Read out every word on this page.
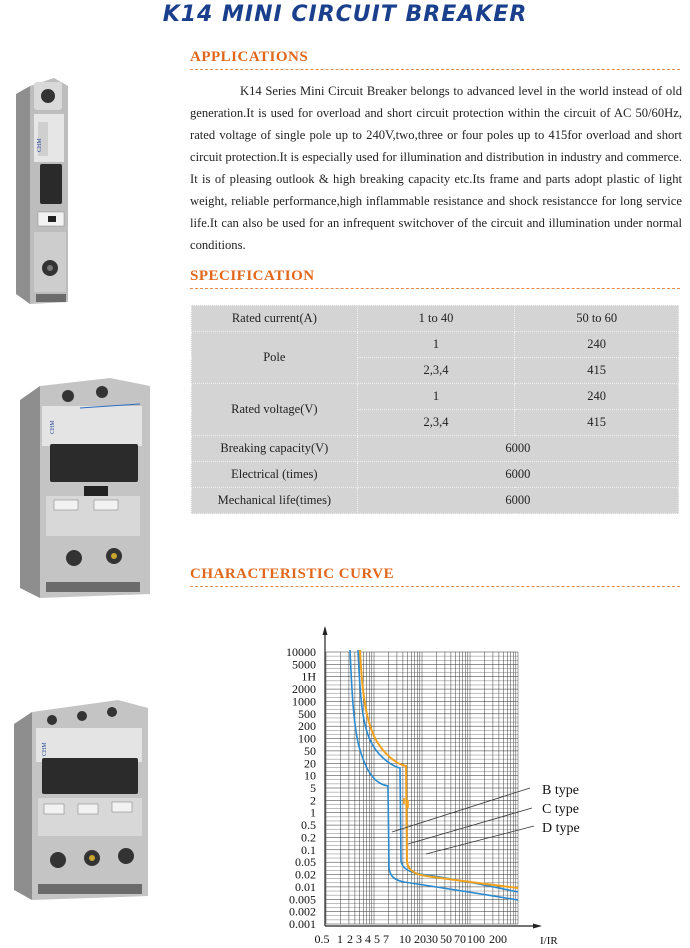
K14 MINI CIRCUIT BREAKER
APPLICATIONS

K14 Series Mini Circuit Breaker belongs to advanced level in the world instead of old generation.It is used for overload and short circuit protection within the circuit of AC 50/60Hz, rated voltage of single pole up to 240V,two,three or four poles up to 415for overload and short circuit protection.It is especially used for illumination and distribution in industry and commerce. It is of pleasing outlook & high breaking capacity etc.Its frame and parts adopt plastic of light weight, reliable performance,high inflammable resistance and shock resistancce for long service life.It can also be used for an infrequent switchover of the circuit and illumination under normal conditions.

SPECIFICATION
Rated current(A)	1 to 40	50 to 60
Pole	1	240
	2,3,4	415
Rated voltage(V)	1	240
	2,3,4	415
Breaking capacity(V)	6000	
Electrical (times)	6000	
Mechanical life(times)	6000	
CHARACTERISTIC CURVE
10000
5000
1H
2000
1000
500
200
100
50
20
10
5
2
1
0.5
0.2
0.1
0.05
0.02
0.01
0.005
0.002
0.001
0.5 1 2 3 4 5 7 10 20 30 50 70 100 200
B type
C type
D type
I/IR
CHM
CHM
CHM
